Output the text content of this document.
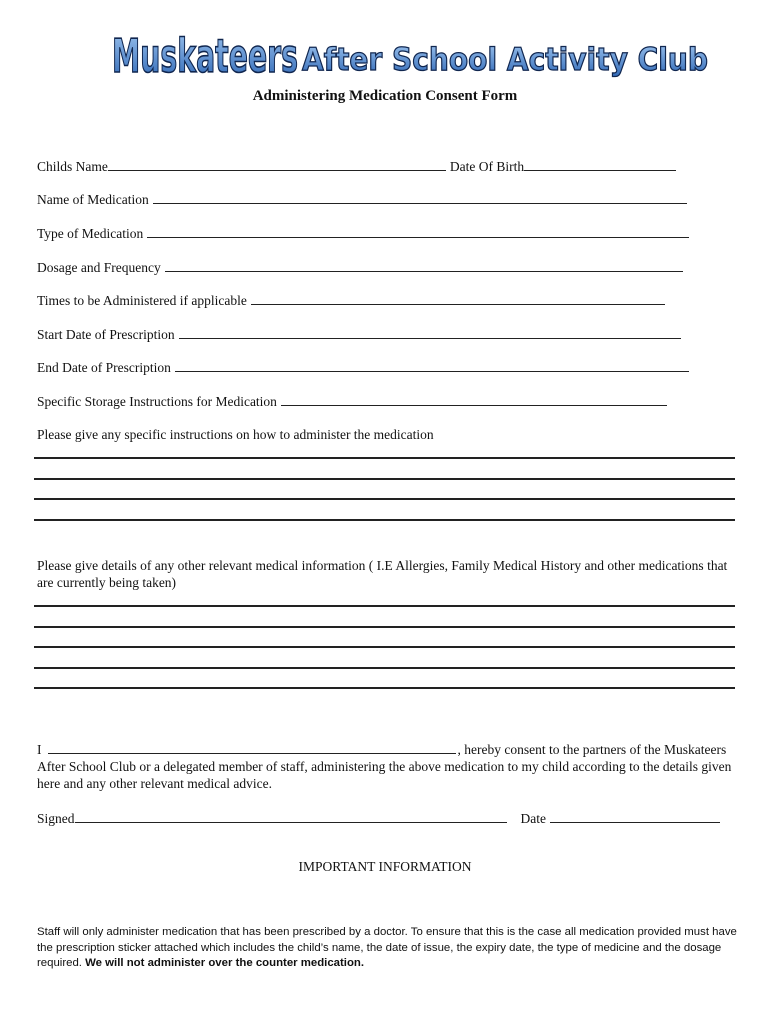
Muskateers After School Activity Club
Administering Medication Consent Form
Childs Name	Date Of Birth
Name of Medication
Type of Medication
Dosage and Frequency
Times to be Administered if applicable
Start Date of Prescription
End Date of Prescription
Specific Storage Instructions for Medication
Please give any specific instructions on how to administer the medication
Please give details of any other relevant medical information ( I.E Allergies, Family Medical History and other medications that are currently being taken)
I	, hereby consent to the partners of the Muskateers After School Club or a delegated member of staff, administering the above medication to my child according to the details given here and any other relevant medical advice.
Signed	Date
IMPORTANT INFORMATION
Staff will only administer medication that has been prescribed by a doctor. To ensure that this is the case all medication provided must have the prescription sticker attached which includes the child’s name, the date of issue, the expiry date, the type of medicine and the dosage required. We will not administer over the counter medication.
